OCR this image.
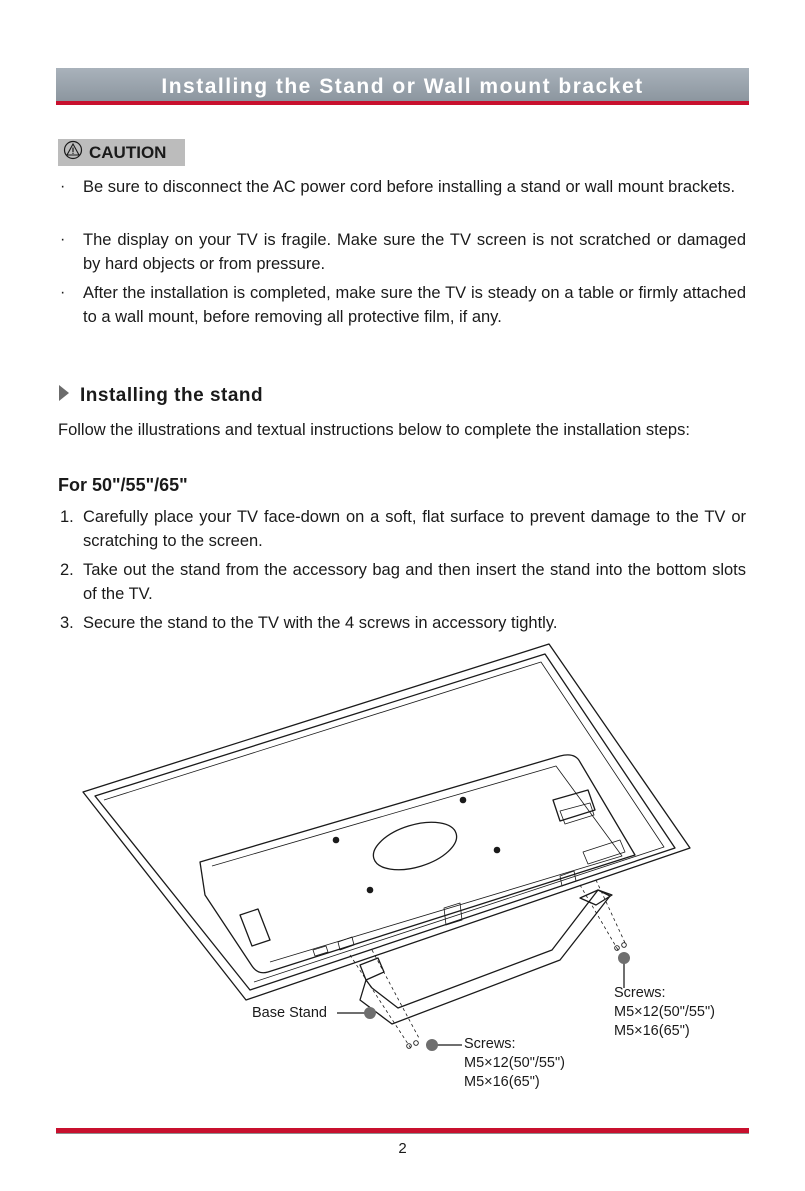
Installing the Stand or Wall mount bracket
CAUTION
· Be sure to disconnect the AC power cord before installing a stand or wall mount brackets.
· The display on your TV is fragile. Make sure the TV screen is not scratched or damaged by hard objects or from pressure.
· After the installation is completed, make sure the TV is steady on a table or firmly attached to a wall mount, before removing all protective film, if any.
Installing the stand
Follow the illustrations and textual instructions below to complete the installation steps:
For 50"/55"/65"
1. Carefully place your TV face-down on a soft, flat surface to prevent damage to the TV or scratching to the screen.
2. Take out the stand from the accessory bag and then insert the stand into the bottom slots of the TV.
3. Secure the stand to the TV with the 4 screws in accessory tightly.
Base Stand
Screws:
M5×12(50"/55")
M5×16(65")
Screws:
M5×12(50"/55")
M5×16(65")
2
